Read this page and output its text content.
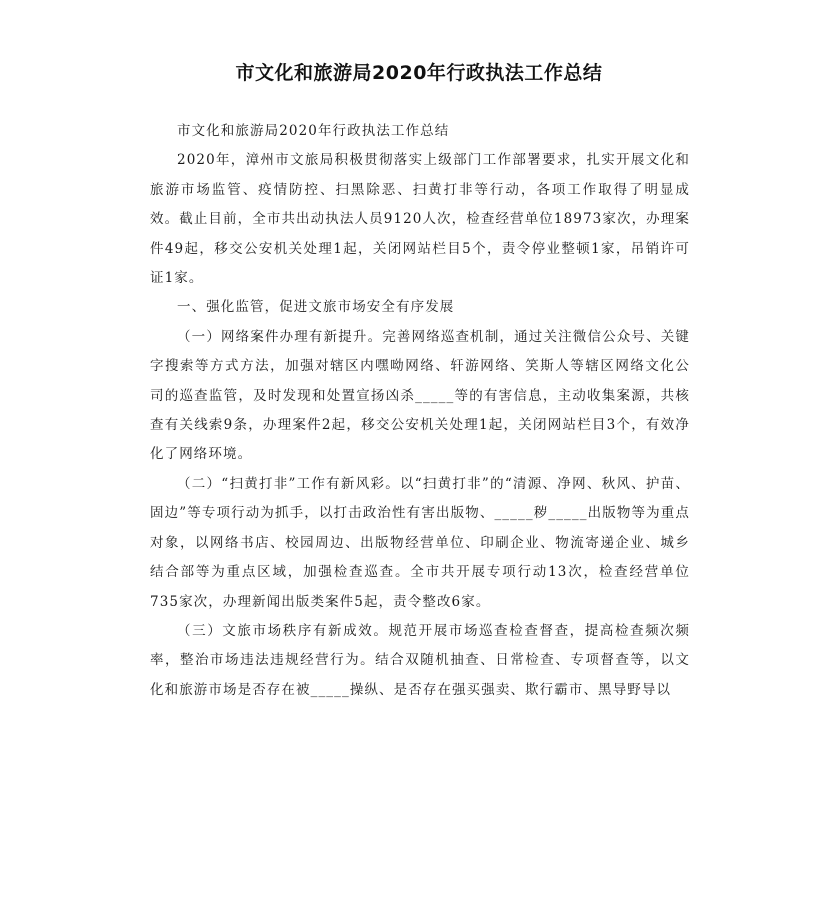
市文化和旅游局2020年行政执法工作总结

市文化和旅游局2020年行政执法工作总结

2020年，漳州市文旅局积极贯彻落实上级部门工作部署要求，扎实开展文化和旅游市场监管、疫情防控、扫黑除恶、扫黄打非等行动，各项工作取得了明显成效。截止目前，全市共出动执法人员9120人次，检查经营单位18973家次，办理案件49起，移交公安机关处理1起，关闭网站栏目5个，责令停业整顿1家，吊销许可证1家。

一、强化监管，促进文旅市场安全有序发展

（一）网络案件办理有新提升。完善网络巡查机制，通过关注微信公众号、关键字搜索等方式方法，加强对辖区内嘿呦网络、轩游网络、笑斯人等辖区网络文化公司的巡查监管，及时发现和处置宣扬凶杀_____等的有害信息，主动收集案源，共核查有关线索9条，办理案件2起，移交公安机关处理1起，关闭网站栏目3个，有效净化了网络环境。

（二）“扫黄打非”工作有新风彩。以“扫黄打非”的“清源、净网、秋风、护苗、固边”等专项行动为抓手，以打击政治性有害出版物、_____秽_____出版物等为重点对象，以网络书店、校园周边、出版物经营单位、印刷企业、物流寄递企业、城乡结合部等为重点区域，加强检查巡查。全市共开展专项行动13次，检查经营单位735家次，办理新闻出版类案件5起，责令整改6家。

（三）文旅市场秩序有新成效。规范开展市场巡查检查督查，提高检查频次频率，整治市场违法违规经营行为。结合双随机抽查、日常检查、专项督查等，以文化和旅游市场是否存在被_____操纵、是否存在强买强卖、欺行霸市、黑导野导以
